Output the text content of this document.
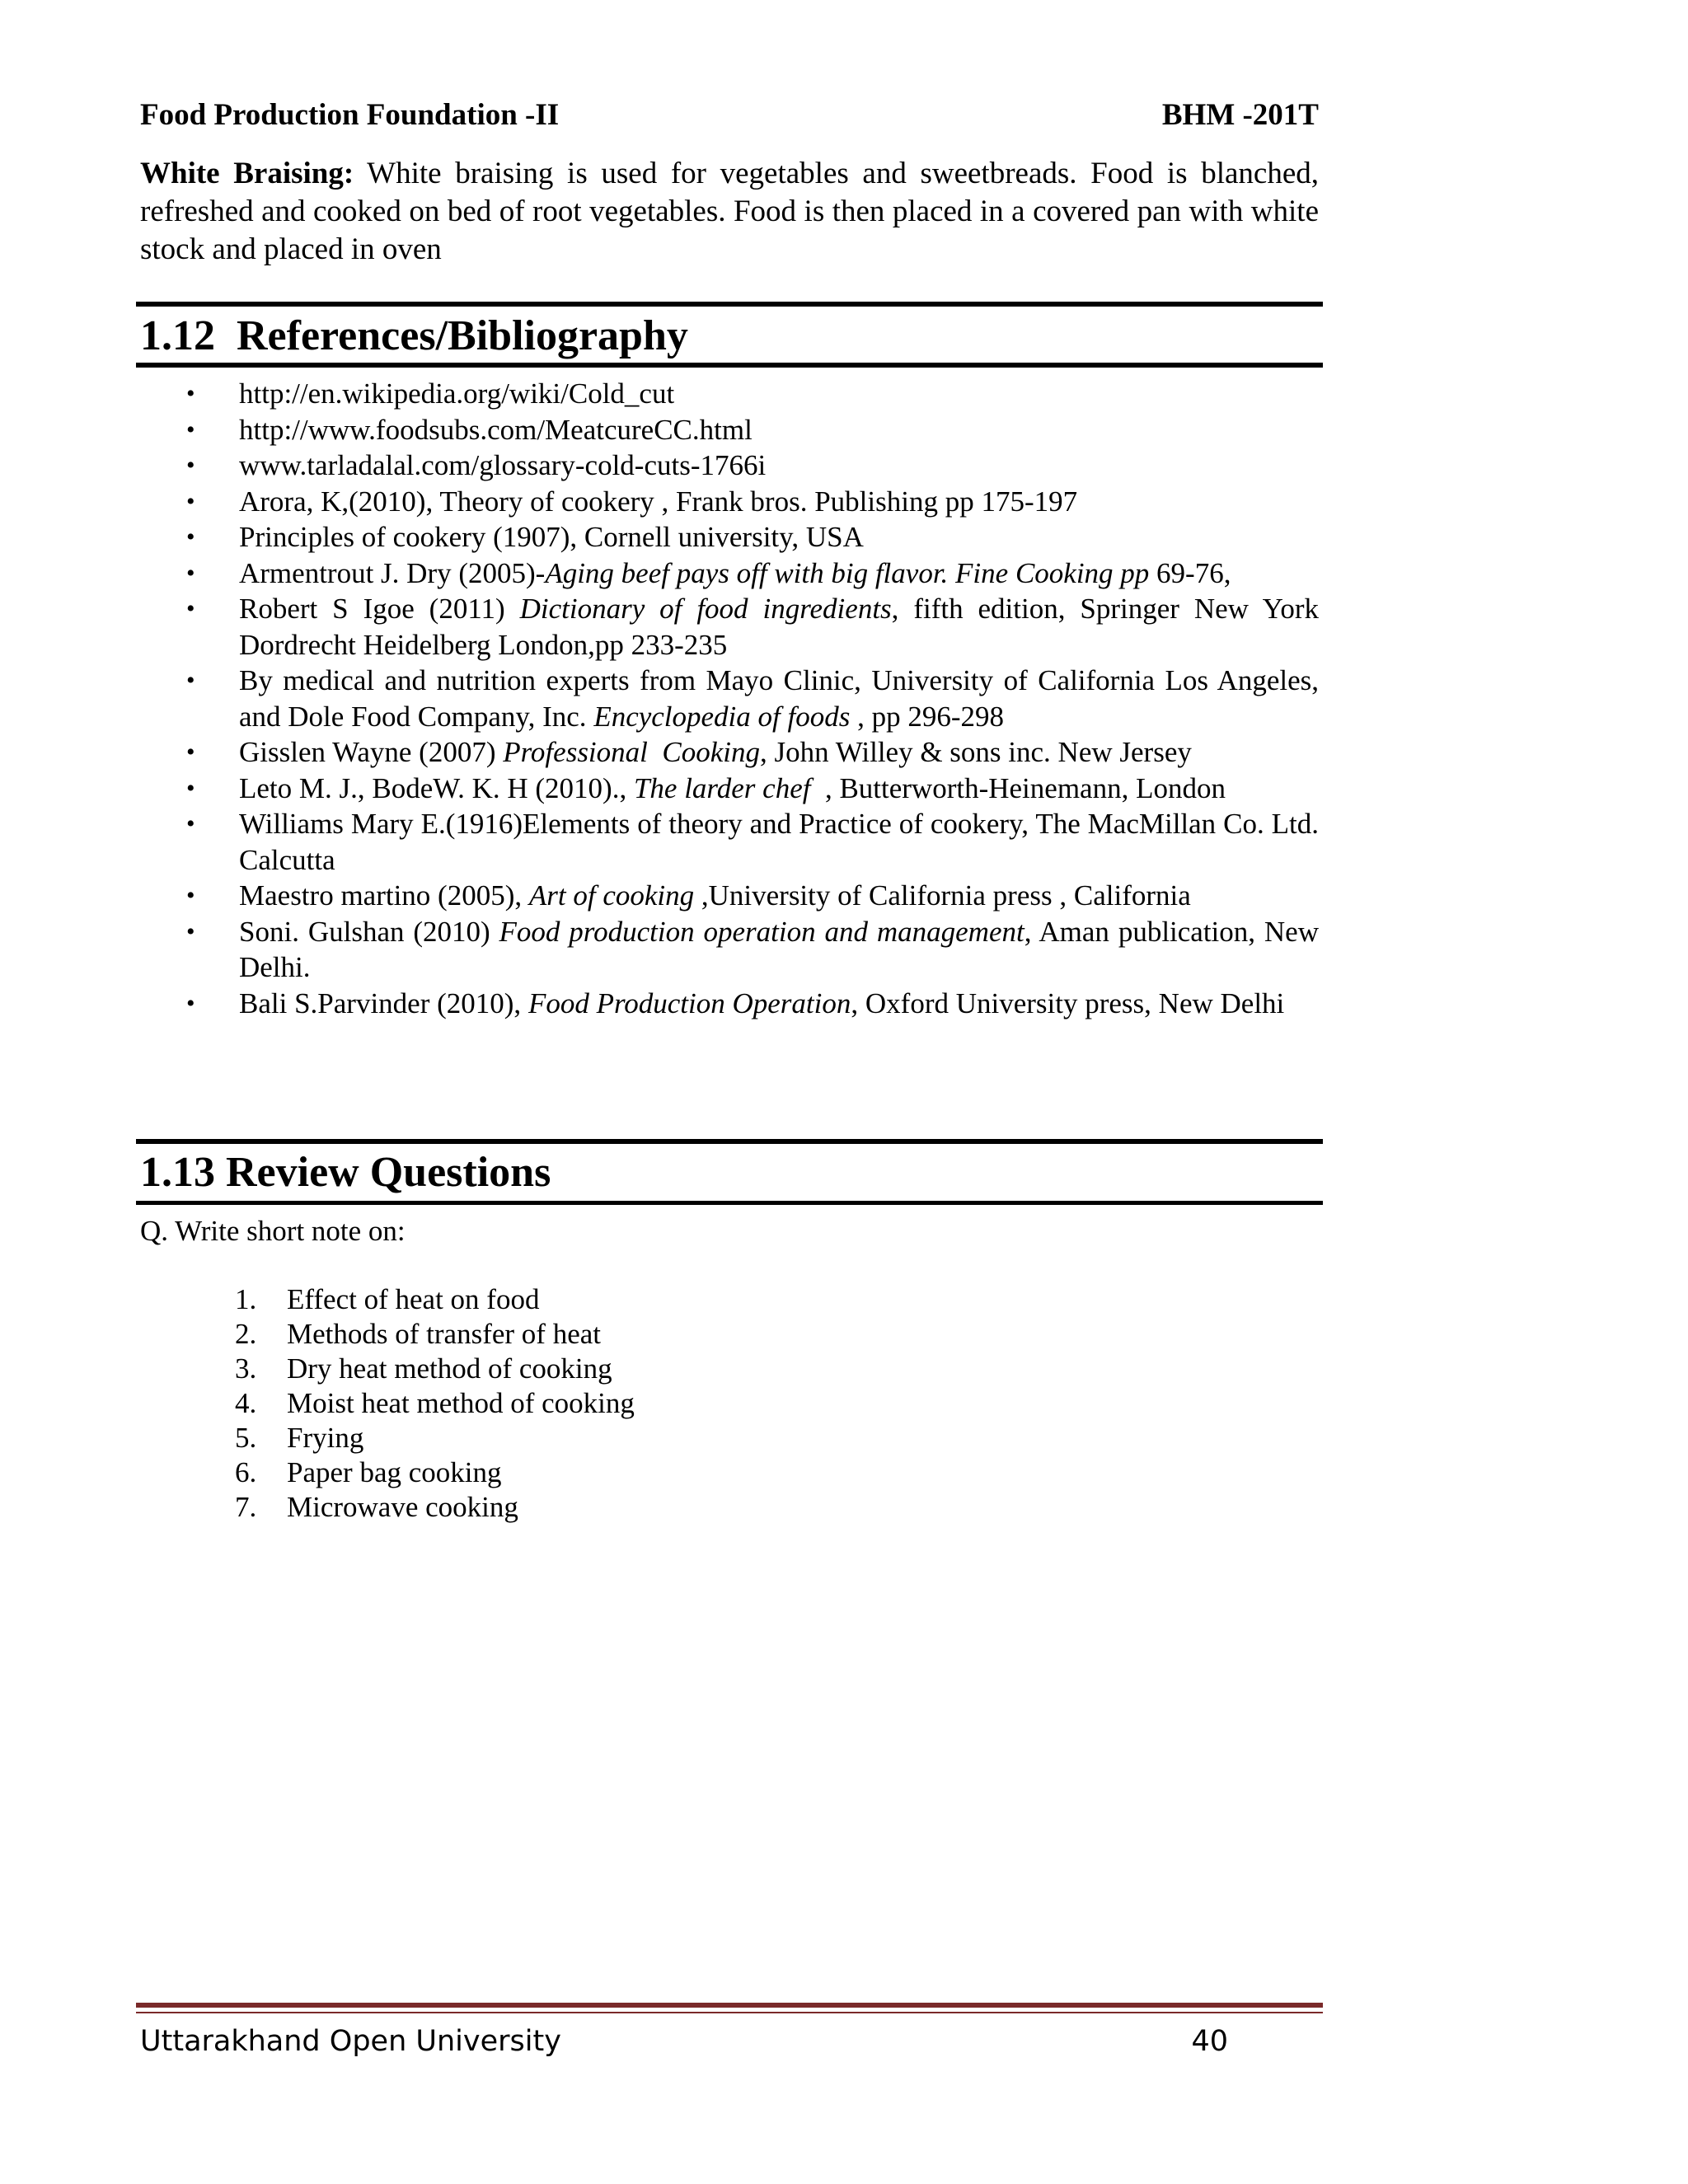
Food Production Foundation -II	BHM -201T
White Braising: White braising is used for vegetables and sweetbreads. Food is blanched, refreshed and cooked on bed of root vegetables. Food is then placed in a covered pan with white stock and placed in oven
1.12  References/Bibliography
• http://en.wikipedia.org/wiki/Cold_cut
• http://www.foodsubs.com/MeatcureCC.html
• www.tarladalal.com/glossary-cold-cuts-1766i
• Arora, K,(2010), Theory of cookery , Frank bros. Publishing pp 175-197
• Principles of cookery (1907), Cornell university, USA
• Armentrout J. Dry (2005)-Aging beef pays off with big flavor. Fine Cooking pp 69-76,
• Robert S Igoe (2011) Dictionary of food ingredients, fifth edition, Springer New York Dordrecht Heidelberg London,pp 233-235
• By medical and nutrition experts from Mayo Clinic, University of California Los Angeles, and Dole Food Company, Inc. Encyclopedia of foods , pp 296-298
• Gisslen Wayne (2007) Professional  Cooking, John Willey & sons inc. New Jersey
• Leto M. J., BodeW. K. H (2010)., The larder chef  , Butterworth-Heinemann, London
• Williams Mary E.(1916)Elements of theory and Practice of cookery, The MacMillan Co. Ltd. Calcutta
• Maestro martino (2005), Art of cooking ,University of California press , California
• Soni. Gulshan (2010) Food production operation and management, Aman publication, New Delhi.
• Bali S.Parvinder (2010), Food Production Operation, Oxford University press, New Delhi
1.13 Review Questions
Q. Write short note on:
1. Effect of heat on food
2. Methods of transfer of heat
3. Dry heat method of cooking
4. Moist heat method of cooking
5. Frying
6. Paper bag cooking
7. Microwave cooking
Uttarakhand Open University	40
